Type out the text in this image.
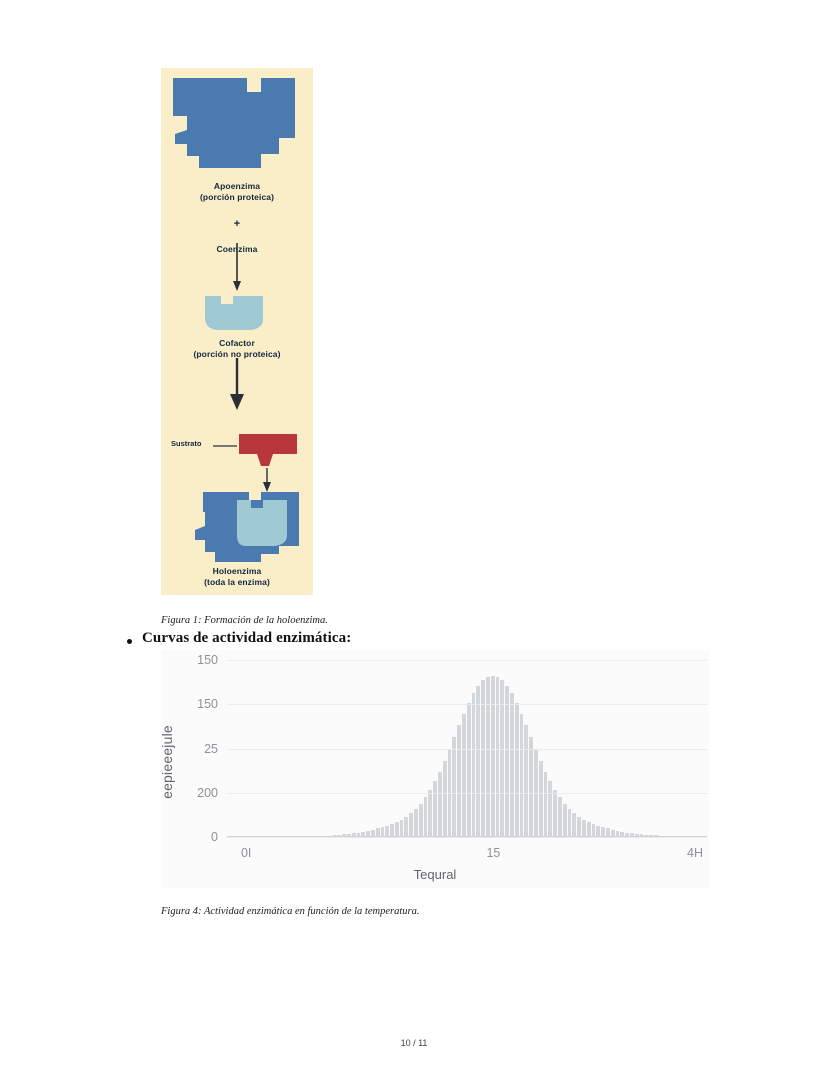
Apoenzima
(porción proteica)
+
Coenzima
Cofactor
(porción no proteica)
Sustrato
Holoenzima
(toda la enzima)
Figura 1: Formación de la holoenzima.
Curvas de actividad enzimática:
eepieeejule
Tequral
150
150
25
200
0
0I	15	4H
Figura 4: Actividad enzimática en función de la temperatura.
10 / 11
